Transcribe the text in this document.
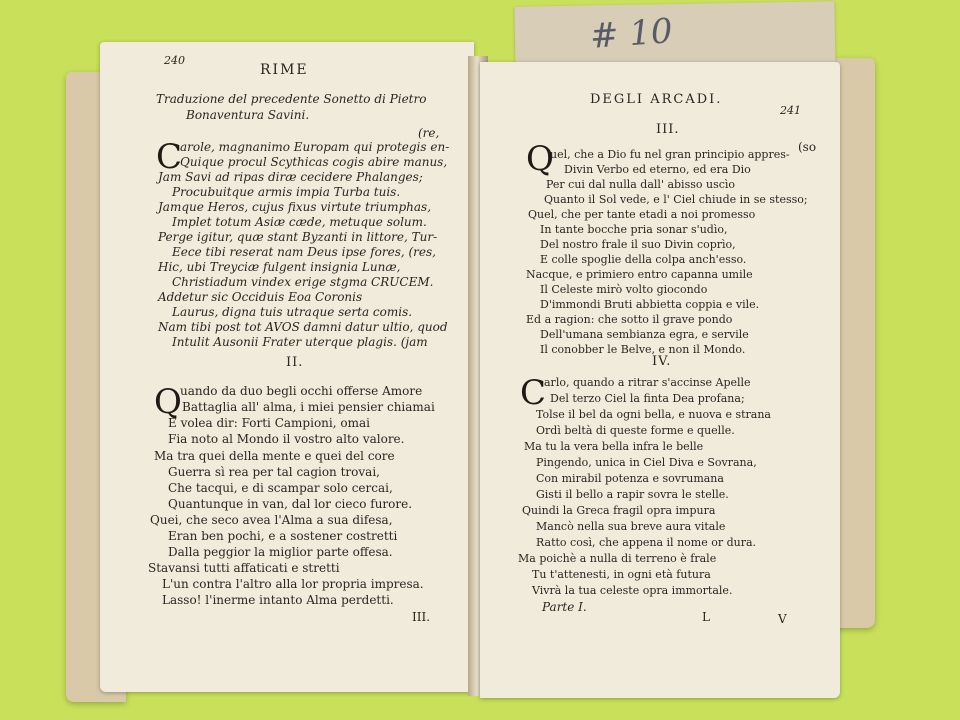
# 10
240
RIME
Traduzione del precedente Sonetto di Pietro
Bonaventura Savini.
C
(re,
arole, magnanimo Europam qui protegis en-
Quique procul Scythicas cogis abire manus,
Jam Savi ad ripas diræ cecidere Phalanges;
Procubuitque armis impia Turba tuis.
Jamque Heros, cujus fixus virtute triumphas,
Implet totum Asiæ cæde, metuque solum.
Perge igitur, quæ stant Byzanti in littore, Tur-
Eece tibi reserat nam Deus ipse fores, (res,
Hic, ubi Treyciæ fulgent insignia Lunæ,
Christiadum vindex erige stgma CRUCEM.
Addetur sic Occiduis Eoa Coronis
Laurus, digna tuis utraque serta comis.
Nam tibi post tot AVOS damni datur ultio, quod
Intulit Ausonii Frater uterque plagis. (jam
II.
Q
uando da duo begli occhi offerse Amore
Battaglia all' alma, i miei pensier chiamai
E volea dir: Forti Campioni, omai
Fia noto al Mondo il vostro alto valore.
Ma tra quei della mente e quei del core
Guerra sì rea per tal cagion trovai,
Che tacqui, e di scampar solo cercai,
Quantunque in van, dal lor cieco furore.
Quei, che seco avea l'Alma a sua difesa,
Eran ben pochi, e a sostener costretti
Dalla peggior la miglior parte offesa.
Stavansi tutti affaticati e stretti
L'un contra l'altro alla lor propria impresa.
Lasso! l'inerme intanto Alma perdetti.
III.
DEGLI ARCADI.
241
III.
Q	(so
uel, che a Dio fu nel gran principio appres-
Divin Verbo ed eterno, ed era Dio
Per cui dal nulla dall' abisso uscìo
Quanto il Sol vede, e l' Ciel chiude in se stesso;
Quel, che per tante etadi a noi promesso
In tante bocche pria sonar s'udìo,
Del nostro frale il suo Divin coprìo,
E colle spoglie della colpa anch'esso.
Nacque, e primiero entro capanna umile
Il Celeste mirò volto giocondo
D'immondi Bruti abbietta coppia e vile.
Ed a ragion: che sotto il grave pondo
Dell'umana sembianza egra, e servile
Il conobber le Belve, e non il Mondo.
IV.
C
arlo, quando a ritrar s'accinse Apelle
Del terzo Ciel la finta Dea profana;
Tolse il bel da ogni bella, e nuova e strana
Ordì beltà di queste forme e quelle.
Ma tu la vera bella infra le belle
Pingendo, unica in Ciel Diva e Sovrana,
Con mirabil potenza e sovrumana
Gisti il bello a rapir sovra le stelle.
Quindi la Greca fragil opra impura
Mancò nella sua breve aura vitale
Ratto così, che appena il nome or dura.
Ma poichè a nulla di terreno è frale
Tu t'attenesti, in ogni età futura
Vivrà la tua celeste opra immortale.
Parte I.
L	V
